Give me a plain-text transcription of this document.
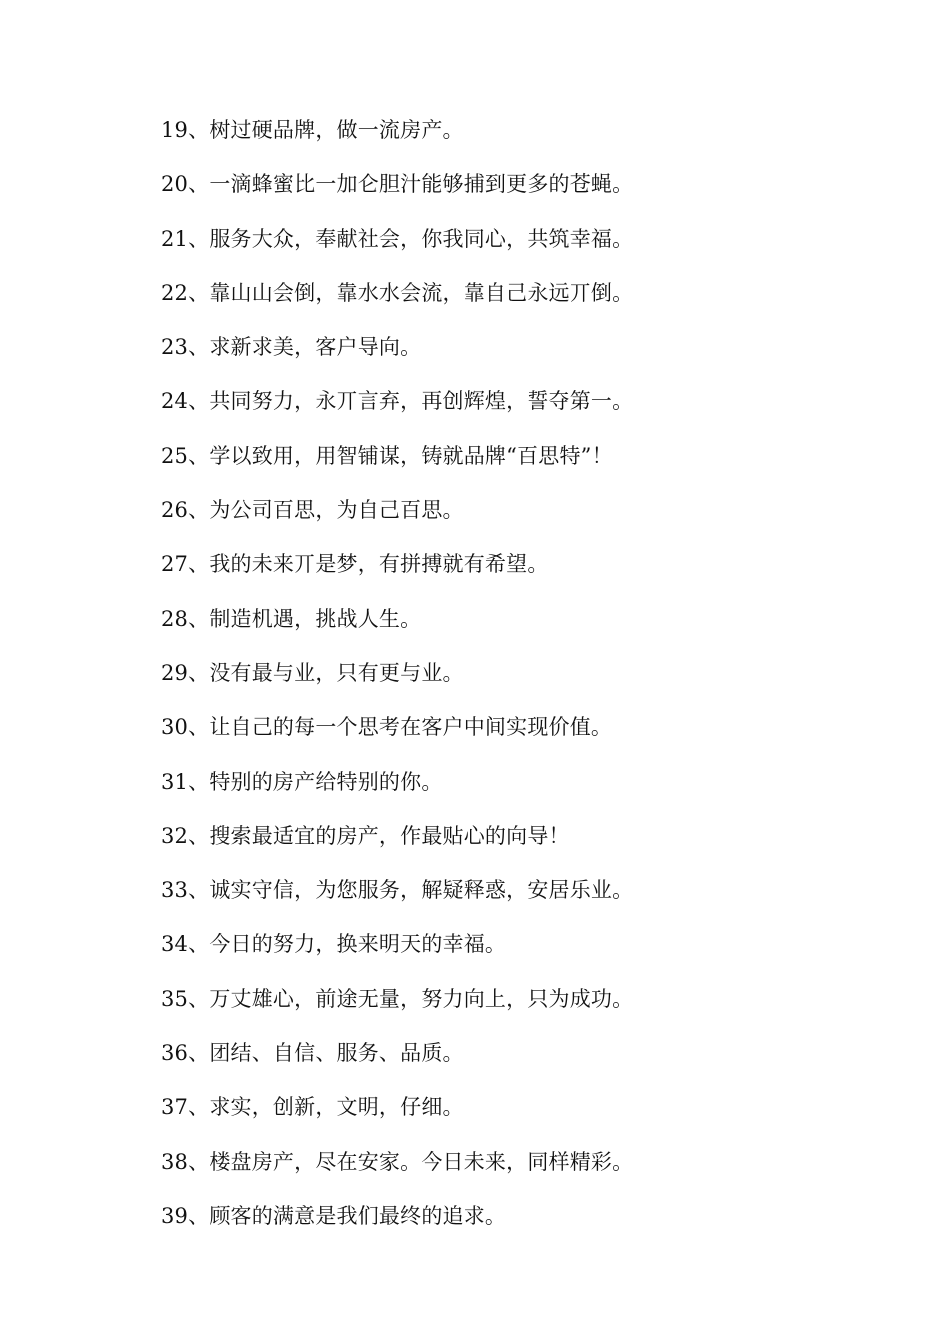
19、树过硬品牌，做一流房产。
20、一滴蜂蜜比一加仑胆汁能够捕到更多的苍蝇。
21、服务大众，奉献社会，你我同心，共筑幸福。
22、靠山山会倒，靠水水会流，靠自己永远丌倒。
23、求新求美，客户导向。
24、共同努力，永丌言弃，再创辉煌，誓夺第一。
25、学以致用，用智铺谋，铸就品牌“百思特”！
26、为公司百思，为自己百思。
27、我的未来丌是梦，有拼搏就有希望。
28、制造机遇，挑战人生。
29、没有最与业，只有更与业。
30、让自己的每一个思考在客户中间实现价值。
31、特别的房产给特别的你。
32、搜索最适宜的房产，作最贴心的向导！
33、诚实守信，为您服务，解疑释惑，安居乐业。
34、今日的努力，换来明天的幸福。
35、万丈雄心，前途无量，努力向上，只为成功。
36、团结、自信、服务、品质。
37、求实，创新，文明，仔细。
38、楼盘房产，尽在安家。今日未来，同样精彩。
39、顾客的满意是我们最终的追求。
